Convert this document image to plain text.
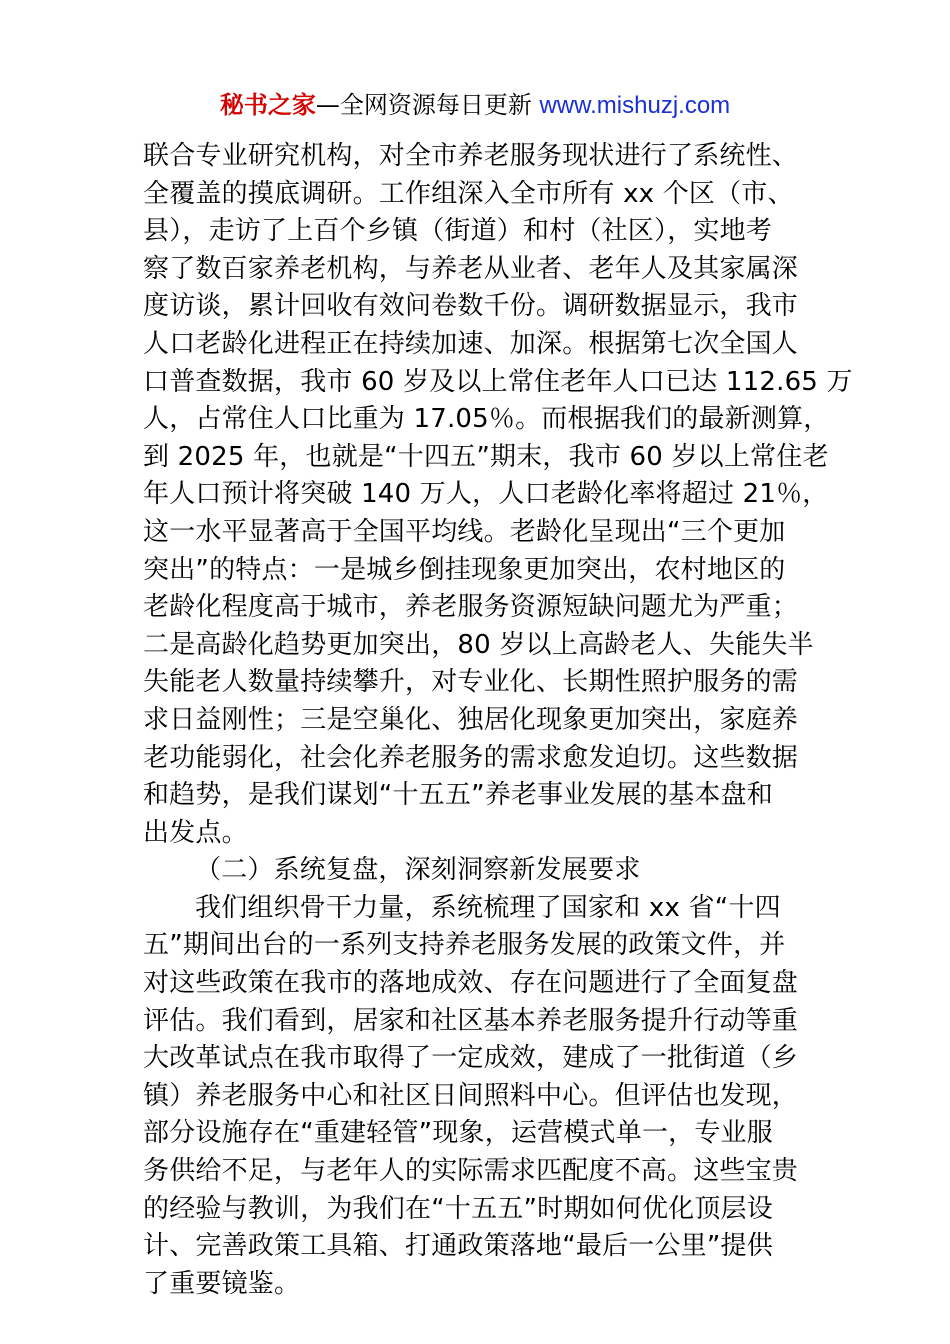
秘书之家—全网资源每日更新 www.mishuzj.com
联合专业研究机构，对全市养老服务现状进行了系统性、
全覆盖的摸底调研。工作组深入全市所有 xx 个区（市、
县），走访了上百个乡镇（街道）和村（社区），实地考
察了数百家养老机构，与养老从业者、老年人及其家属深
度访谈，累计回收有效问卷数千份。调研数据显示，我市
人口老龄化进程正在持续加速、加深。根据第七次全国人
口普查数据，我市 60 岁及以上常住老年人口已达 112.65 万
人，占常住人口比重为 17.05％。而根据我们的最新测算，
到 2025 年，也就是“十四五”期末，我市 60 岁以上常住老
年人口预计将突破 140 万人，人口老龄化率将超过 21％，
这一水平显著高于全国平均线。老龄化呈现出“三个更加
突出”的特点：一是城乡倒挂现象更加突出，农村地区的
老龄化程度高于城市，养老服务资源短缺问题尤为严重；
二是高龄化趋势更加突出，80 岁以上高龄老人、失能失半
失能老人数量持续攀升，对专业化、长期性照护服务的需
求日益刚性；三是空巢化、独居化现象更加突出，家庭养
老功能弱化，社会化养老服务的需求愈发迫切。这些数据
和趋势，是我们谋划“十五五”养老事业发展的基本盘和
出发点。
（二）系统复盘，深刻洞察新发展要求
我们组织骨干力量，系统梳理了国家和 xx 省“十四
五”期间出台的一系列支持养老服务发展的政策文件，并
对这些政策在我市的落地成效、存在问题进行了全面复盘
评估。我们看到，居家和社区基本养老服务提升行动等重
大改革试点在我市取得了一定成效，建成了一批街道（乡
镇）养老服务中心和社区日间照料中心。但评估也发现，
部分设施存在“重建轻管”现象，运营模式单一，专业服
务供给不足，与老年人的实际需求匹配度不高。这些宝贵
的经验与教训，为我们在“十五五”时期如何优化顶层设
计、完善政策工具箱、打通政策落地“最后一公里”提供
了重要镜鉴。
